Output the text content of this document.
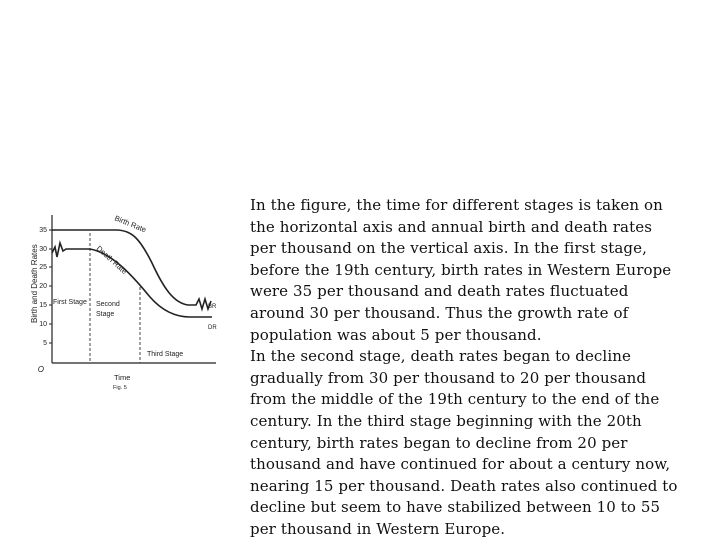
Birth and Death Rates
35
30
25
20
15
10
5
O
Birth Rate
Death Rate
BR
DR
First Stage Second
Stage
Third Stage
Time
Fig. 5

In the figure, the time for different stages is taken on the horizontal axis and annual birth and death rates per thousand on the vertical axis. In the first stage, before the 19th century, birth rates in Western Europe were 35 per thousand and death rates fluctuated around 30 per thousand. Thus the growth rate of population was about 5 per thousand.

In the second stage, death rates began to decline gradually from 30 per thousand to 20 per thousand from the middle of the 19th century to the end of the century. In the third stage beginning with the 20th century, birth rates began to decline from 20 per thousand and have continued for about a century now, nearing 15 per thousand. Death rates also continued to decline but seem to have stabilized between 10 to 55 per thousand in Western Europe.
